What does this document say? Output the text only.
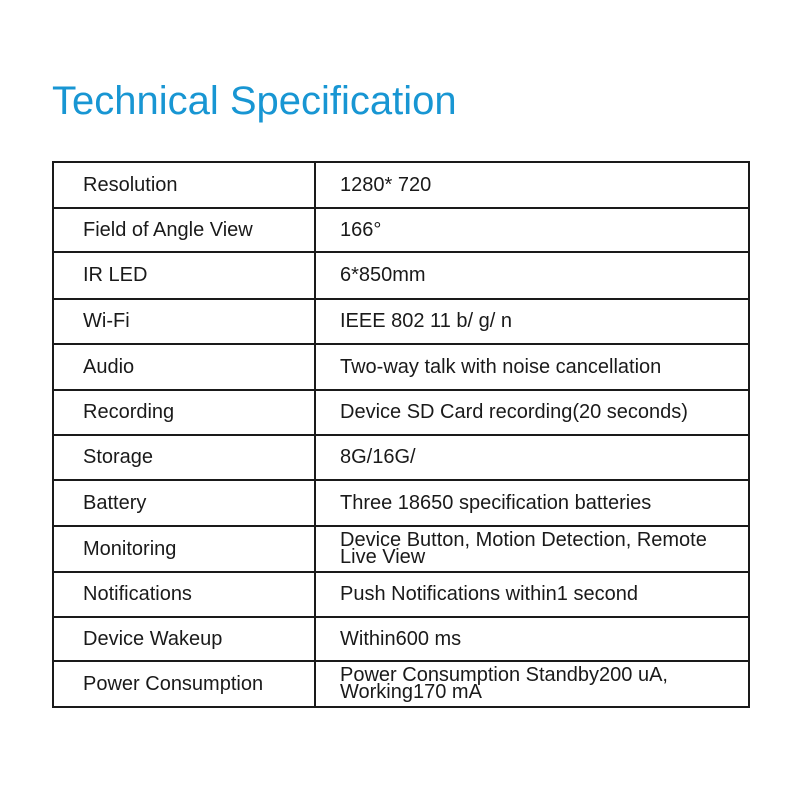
Technical Specification
Resolution	1280* 720
Field of Angle View	166°
IR LED	6*850mm
Wi-Fi	IEEE 802 11 b/ g/ n
Audio	Two-way talk with noise cancellation
Recording	Device SD Card recording(20 seconds)
Storage	8G/16G/
Battery	Three 18650 specification batteries
Monitoring	Device Button, Motion Detection, Remote Live View
Notifications	Push Notifications within1 second
Device Wakeup	Within600 ms
Power Consumption	Power Consumption Standby200 uA, Working170 mA
